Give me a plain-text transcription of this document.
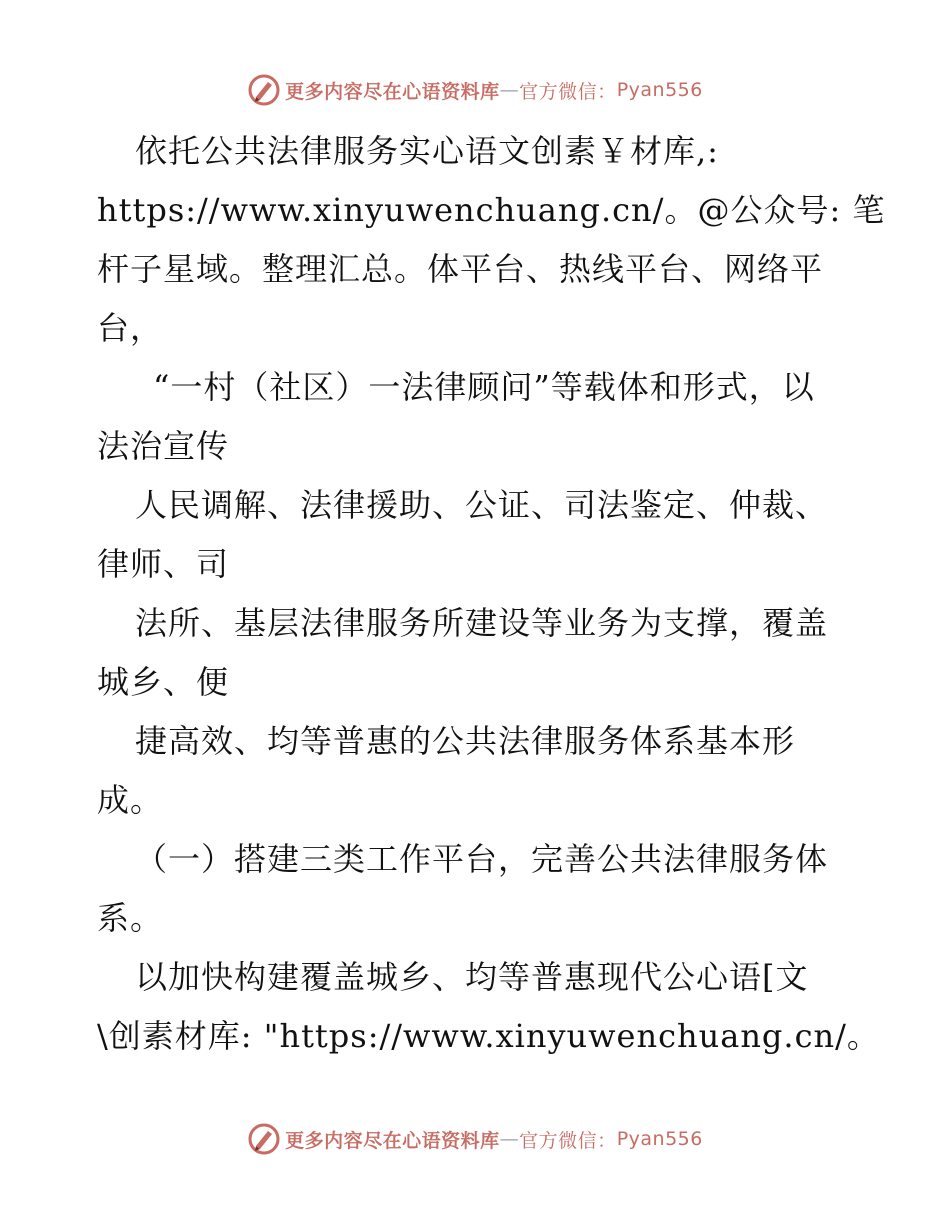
更多内容尽在心语资料库 — 官方微信： Pyan556
依托公共法律服务实心语文创素￥材库,:
https://www.xinyuwenchuang.cn/。@公众号: 笔
杆子星域。整理汇总。体平台、热线平台、网络平
台，
“一村（社区）一法律顾问”等载体和形式，以
法治宣传
人民调解、法律援助、公证、司法鉴定、仲裁、
律师、司
法所、基层法律服务所建设等业务为支撑，覆盖
城乡、便
捷高效、均等普惠的公共法律服务体系基本形
成。
（一）搭建三类工作平台，完善公共法律服务体
系。
以加快构建覆盖城乡、均等普惠现代公心语[文
\创素材库: "https://www.xinyuwenchuang.cn/。
更多内容尽在心语资料库 — 官方微信： Pyan556
